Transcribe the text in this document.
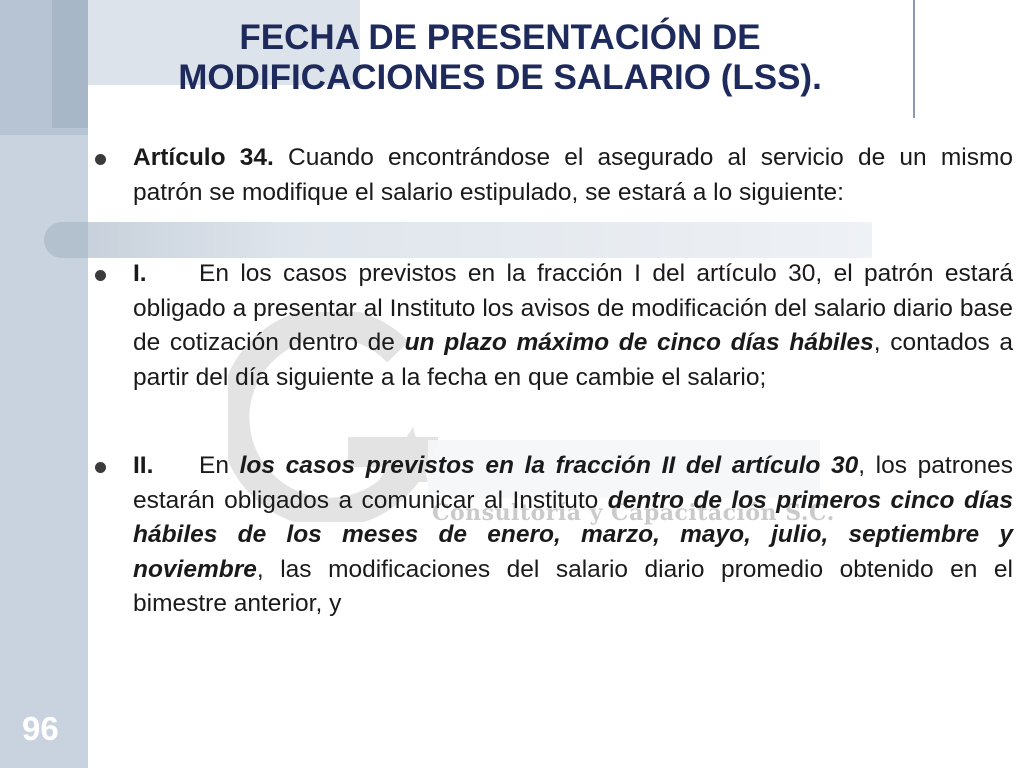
Consultoría y Capacitación S.C.
FECHA DE PRESENTACIÓN DE
MODIFICACIONES DE SALARIO (LSS).

Artículo 34. Cuando encontrándose el asegurado al servicio de un mismo patrón se modifique el salario estipulado, se estará a lo siguiente:

I. En los casos previstos en la fracción I del artículo 30, el patrón estará obligado a presentar al Instituto los avisos de modificación del salario diario base de cotización dentro de un plazo máximo de cinco días hábiles, contados a partir del día siguiente a la fecha en que cambie el salario;

II. En los casos previstos en la fracción II del artículo 30, los patrones estarán obligados a comunicar al Instituto dentro de los primeros cinco días hábiles de los meses de enero, marzo, mayo, julio, septiembre y noviembre, las modificaciones del salario diario promedio obtenido en el bimestre anterior, y

96
